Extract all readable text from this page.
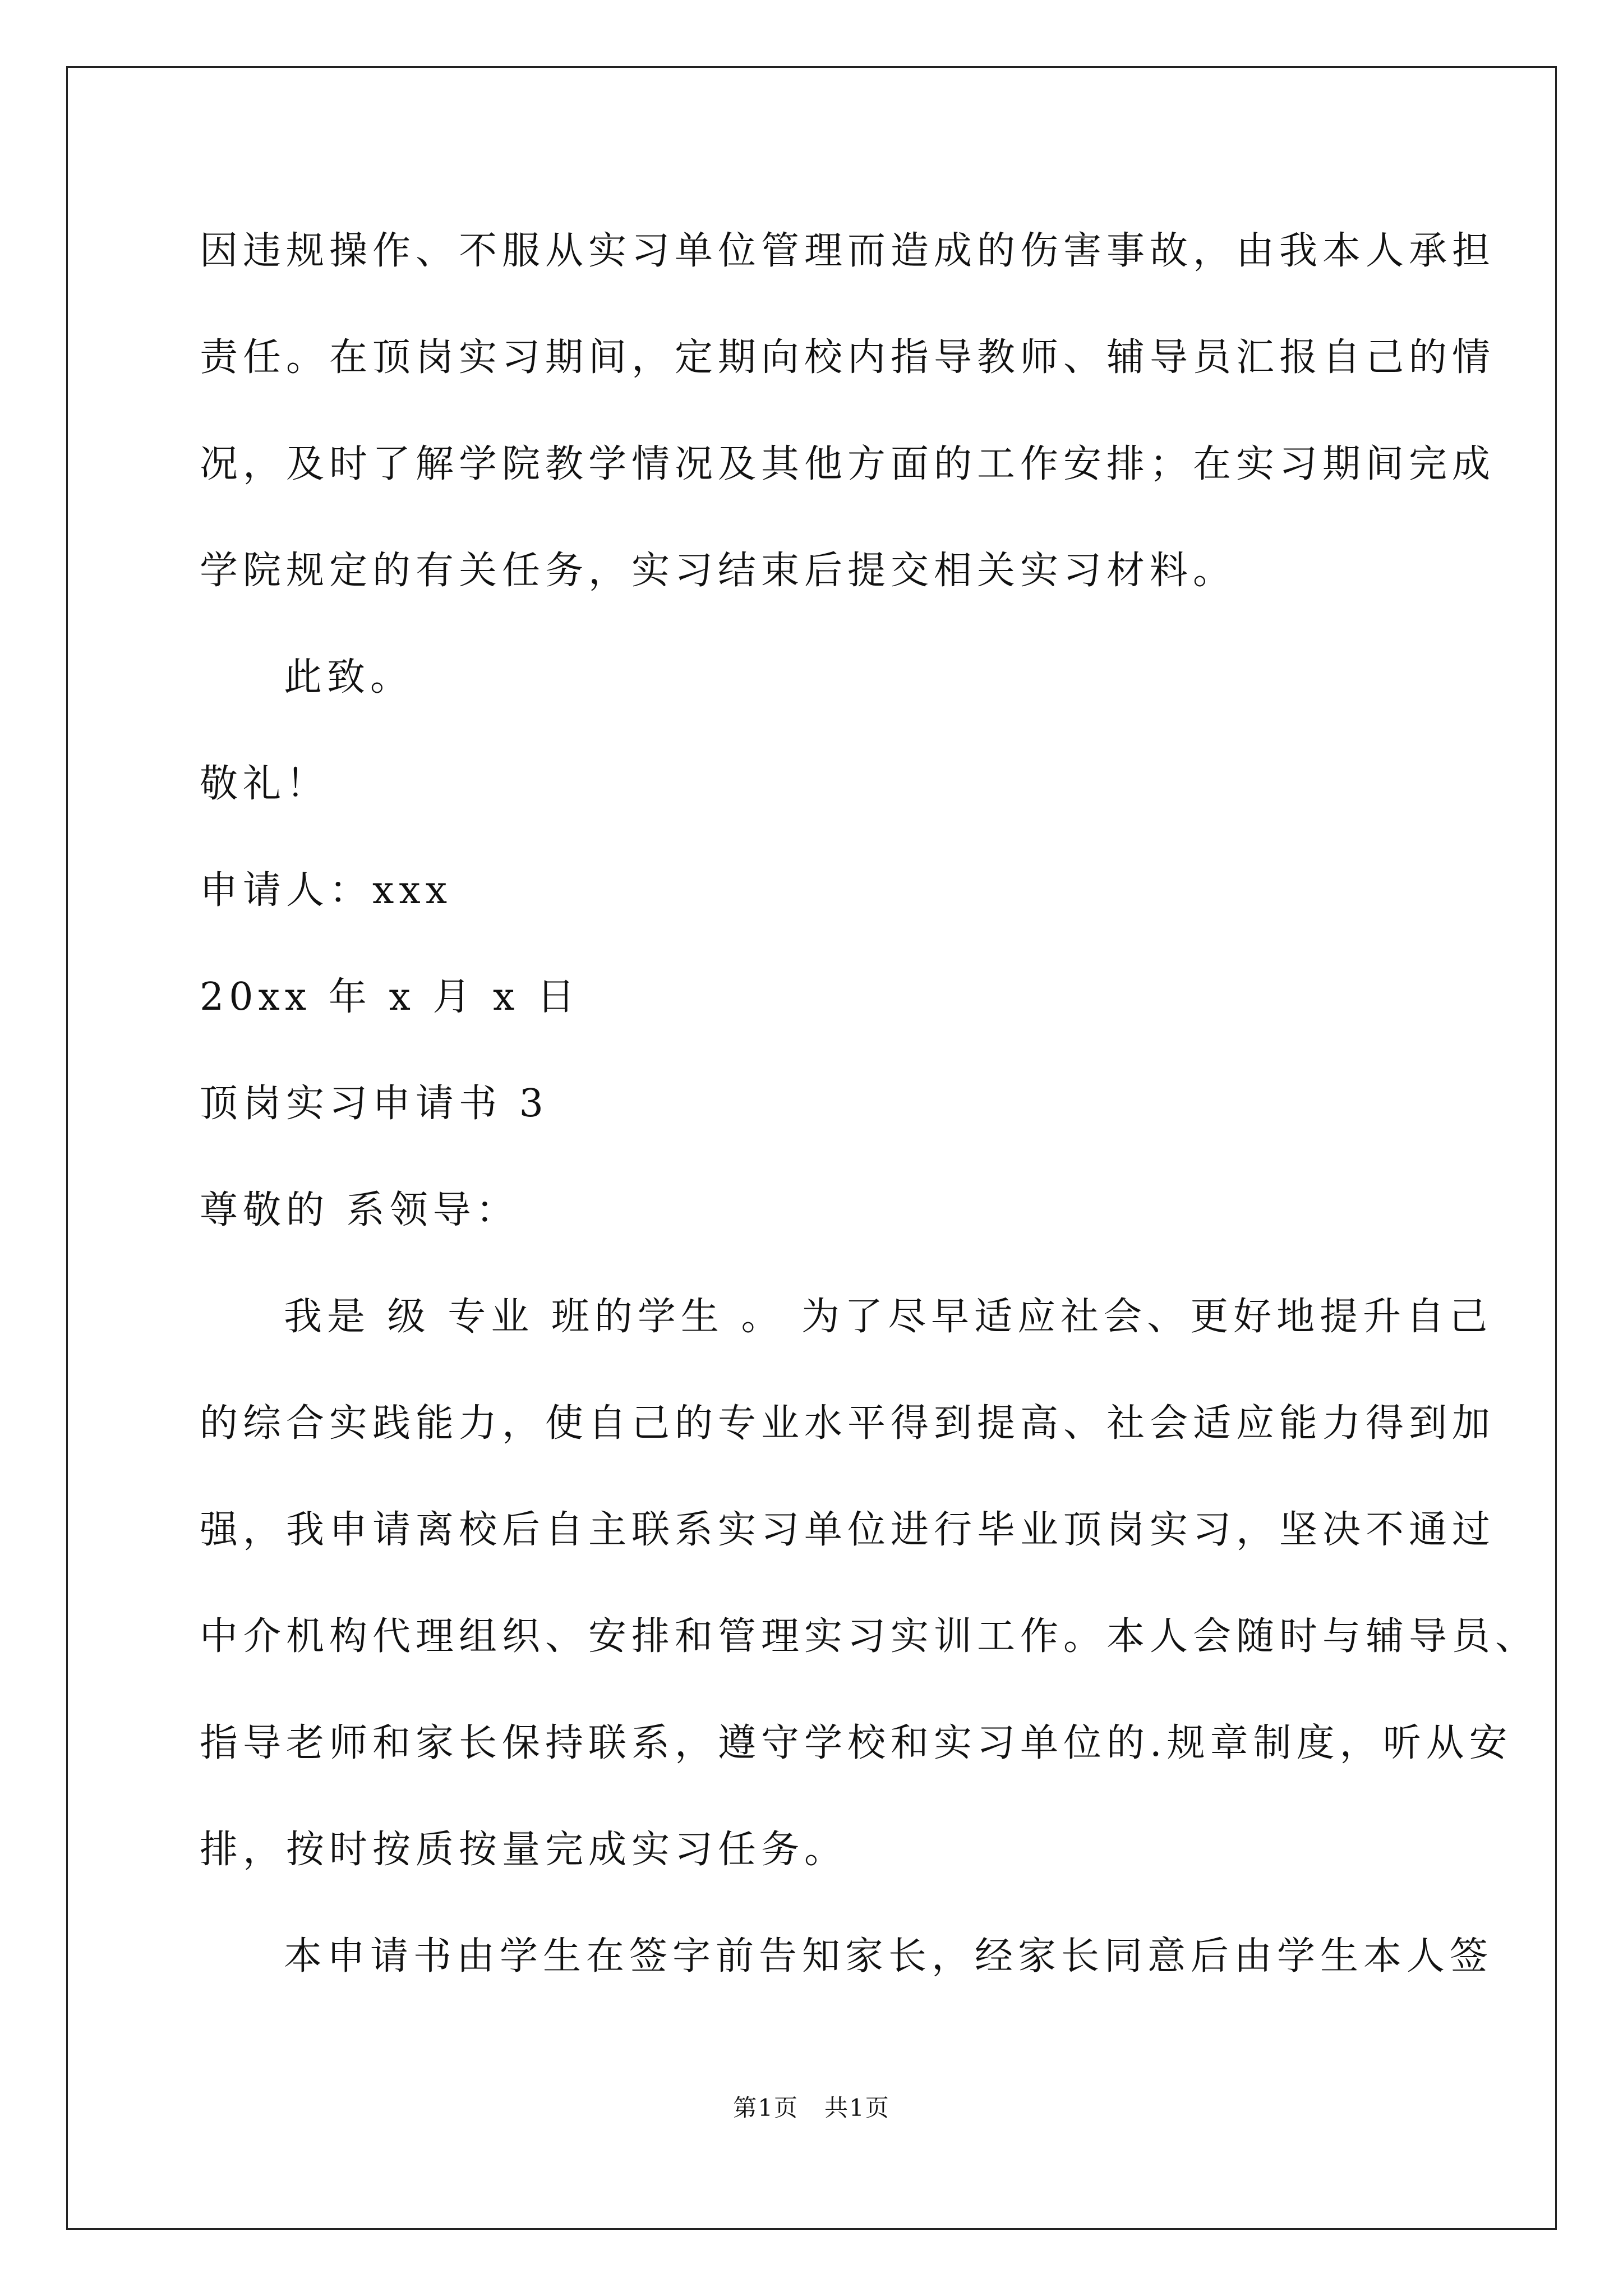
因违规操作、不服从实习单位管理而造成的伤害事故，由我本人承担
责任。在顶岗实习期间，定期向校内指导教师、辅导员汇报自己的情
况，及时了解学院教学情况及其他方面的工作安排；在实习期间完成
学院规定的有关任务，实习结束后提交相关实习材料。
此致。
敬礼！
申请人：xxx
20xx 年 x 月 x 日
顶岗实习申请书 3
尊敬的 系领导：
我是 级 专业 班的学生 。 为了尽早适应社会、更好地提升自己
的综合实践能力，使自己的专业水平得到提高、社会适应能力得到加
强，我申请离校后自主联系实习单位进行毕业顶岗实习，坚决不通过
中介机构代理组织、安排和管理实习实训工作。本人会随时与辅导员、
指导老师和家长保持联系，遵守学校和实习单位的.规章制度，听从安
排，按时按质按量完成实习任务。
本申请书由学生在签字前告知家长，经家长同意后由学生本人签
第1页   共1页
